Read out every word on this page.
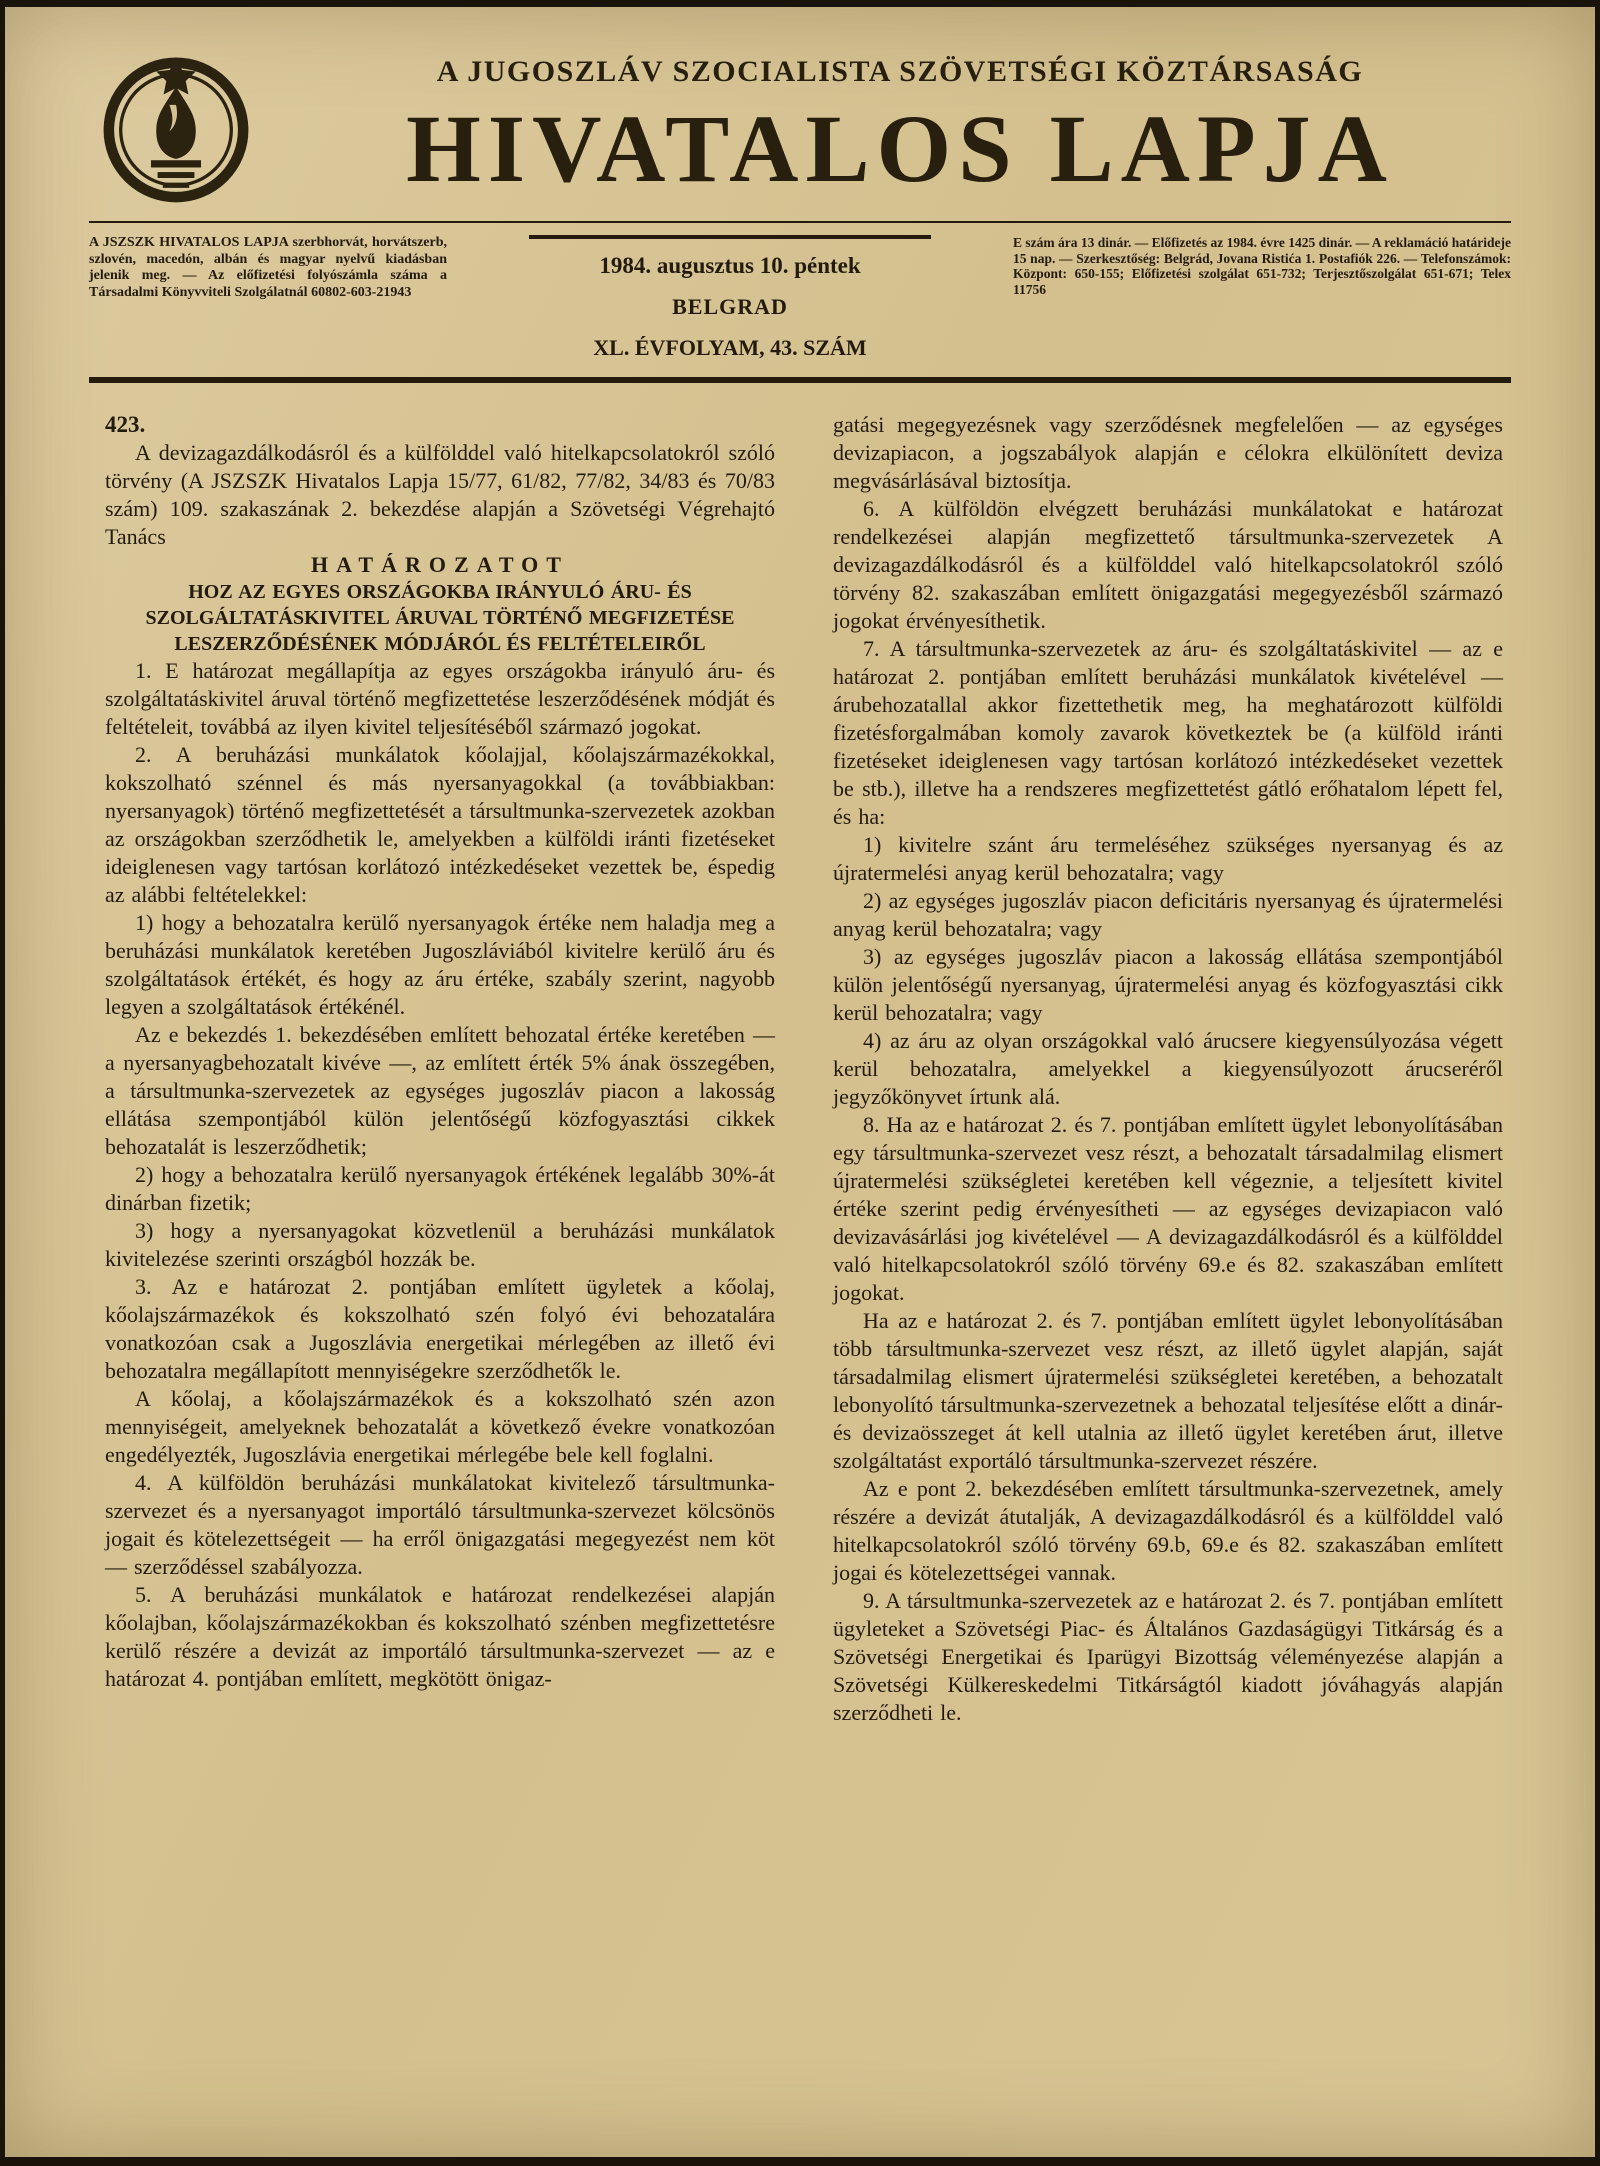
A JUGOSZLÁV SZOCIALISTA SZÖVETSÉGI KÖZTÁRSASÁG
HIVATALOS LAPJA
A JSZSZK HIVATALOS LAPJA szerbhorvát, horvátszerb, szlovén, macedón, albán és magyar nyelvű kiadásban jelenik meg. — Az előfizetési folyószámla száma a Társadalmi Könyvviteli Szolgálatnál 60802-603-21943
1984. augusztus 10. péntek
BELGRAD
XL. ÉVFOLYAM, 43. SZÁM
E szám ára 13 dinár. — Előfizetés az 1984. évre 1425 dinár. — A reklamáció határideje 15 nap. — Szerkesztőség: Belgrád, Jovana Ristića 1. Postafiók 226. — Telefonszámok: Központ: 650-155; Előfizetési szolgálat 651-732; Terjesztőszolgálat 651-671; Telex 11756

423.

A devizagazdálkodásról és a külfölddel való hitelkapcsolatokról szóló törvény (A JSZSZK Hivatalos Lapja 15/77, 61/82, 77/82, 34/83 és 70/83 szám) 109. szakaszának 2. bekezdése alapján a Szövetségi Végrehajtó Tanács

HATÁROZATOT

HOZ AZ EGYES ORSZÁGOKBA IRÁNYULÓ ÁRU- ÉS SZOLGÁLTATÁSKIVITEL ÁRUVAL TÖRTÉNŐ MEGFIZETÉSE LESZERZŐDÉSÉNEK MÓDJÁRÓL ÉS FELTÉTELEIRŐL

1. E határozat megállapítja az egyes országokba irányuló áru- és szolgáltatáskivitel áruval történő megfizettetése leszerződésének módját és feltételeit, továbbá az ilyen kivitel teljesítéséből származó jogokat.

2. A beruházási munkálatok kőolajjal, kőolajszármazékokkal, kokszolható szénnel és más nyersanyagokkal (a továbbiakban: nyersanyagok) történő megfizettetését a társultmunka-szervezetek azokban az országokban szerződhetik le, amelyekben a külföldi iránti fizetéseket ideiglenesen vagy tartósan korlátozó intézkedéseket vezettek be, éspedig az alábbi feltételekkel:

1) hogy a behozatalra kerülő nyersanyagok értéke nem haladja meg a beruházási munkálatok keretében Jugoszláviából kivitelre kerülő áru és szolgáltatások értékét, és hogy az áru értéke, szabály szerint, nagyobb legyen a szolgáltatások értékénél.

Az e bekezdés 1. bekezdésében említett behozatal értéke keretében — a nyersanyagbehozatalt kivéve —, az említett érték 5% ának összegében, a társultmunka-szervezetek az egységes jugoszláv piacon a lakosság ellátása szempontjából külön jelentőségű közfogyasztási cikkek behozatalát is leszerződhetik;

2) hogy a behozatalra kerülő nyersanyagok értékének legalább 30%-át dinárban fizetik;

3) hogy a nyersanyagokat közvetlenül a beruházási munkálatok kivitelezése szerinti országból hozzák be.

3. Az e határozat 2. pontjában említett ügyletek a kőolaj, kőolajszármazékok és kokszolható szén folyó évi behozatalára vonatkozóan csak a Jugoszlávia energetikai mérlegében az illető évi behozatalra megállapított mennyiségekre szerződhetők le.

A kőolaj, a kőolajszármazékok és a kokszolható szén azon mennyiségeit, amelyeknek behozatalát a következő évekre vonatkozóan engedélyezték, Jugoszlávia energetikai mérlegébe bele kell foglalni.

4. A külföldön beruházási munkálatokat kivitelező társultmunka-szervezet és a nyersanyagot importáló társultmunka-szervezet kölcsönös jogait és kötelezettségeit — ha erről önigazgatási megegyezést nem köt — szerződéssel szabályozza.

5. A beruházási munkálatok e határozat rendelkezései alapján kőolajban, kőolajszármazékokban és kokszolható szénben megfizettetésre kerülő részére a devizát az importáló társultmunka-szervezet — az e határozat 4. pontjában említett, megkötött önigaz-

gatási megegyezésnek vagy szerződésnek megfelelően — az egységes devizapiacon, a jogszabályok alapján e célokra elkülönített deviza megvásárlásával biztosítja.

6. A külföldön elvégzett beruházási munkálatokat e határozat rendelkezései alapján megfizettető társultmunka-szervezetek A devizagazdálkodásról és a külfölddel való hitelkapcsolatokról szóló törvény 82. szakaszában említett önigazgatási megegyezésből származó jogokat érvényesíthetik.

7. A társultmunka-szervezetek az áru- és szolgáltatáskivitel — az e határozat 2. pontjában említett beruházási munkálatok kivételével — árubehozatallal akkor fizettethetik meg, ha meghatározott külföldi fizetésforgalmában komoly zavarok következtek be (a külföld iránti fizetéseket ideiglenesen vagy tartósan korlátozó intézkedéseket vezettek be stb.), illetve ha a rendszeres megfizettetést gátló erőhatalom lépett fel, és ha:

1) kivitelre szánt áru termeléséhez szükséges nyersanyag és az újratermelési anyag kerül behozatalra; vagy

2) az egységes jugoszláv piacon deficitáris nyersanyag és újratermelési anyag kerül behozatalra; vagy

3) az egységes jugoszláv piacon a lakosság ellátása szempontjából külön jelentőségű nyersanyag, újratermelési anyag és közfogyasztási cikk kerül behozatalra; vagy

4) az áru az olyan országokkal való árucsere kiegyensúlyozása végett kerül behozatalra, amelyekkel a kiegyensúlyozott árucseréről jegyzőkönyvet írtunk alá.

8. Ha az e határozat 2. és 7. pontjában említett ügylet lebonyolításában egy társultmunka-szervezet vesz részt, a behozatalt társadalmilag elismert újratermelési szükségletei keretében kell végeznie, a teljesített kivitel értéke szerint pedig érvényesítheti — az egységes devizapiacon való devizavásárlási jog kivételével — A devizagazdálkodásról és a külfölddel való hitelkapcsolatokról szóló törvény 69.e és 82. szakaszában említett jogokat.

Ha az e határozat 2. és 7. pontjában említett ügylet lebonyolításában több társultmunka-szervezet vesz részt, az illető ügylet alapján, saját társadalmilag elismert újratermelési szükségletei keretében, a behozatalt lebonyolító társultmunka-szervezetnek a behozatal teljesítése előtt a dinár- és devizaösszeget át kell utalnia az illető ügylet keretében árut, illetve szolgáltatást exportáló társultmunka-szervezet részére.

Az e pont 2. bekezdésében említett társultmunka-szervezetnek, amely részére a devizát átutalják, A devizagazdálkodásról és a külfölddel való hitelkapcsolatokról szóló törvény 69.b, 69.e és 82. szakaszában említett jogai és kötelezettségei vannak.

9. A társultmunka-szervezetek az e határozat 2. és 7. pontjában említett ügyleteket a Szövetségi Piac- és Általános Gazdaságügyi Titkárság és a Szövetségi Energetikai és Iparügyi Bizottság véleményezése alapján a Szövetségi Külkereskedelmi Titkárságtól kiadott jóváhagyás alapján szerződheti le.
